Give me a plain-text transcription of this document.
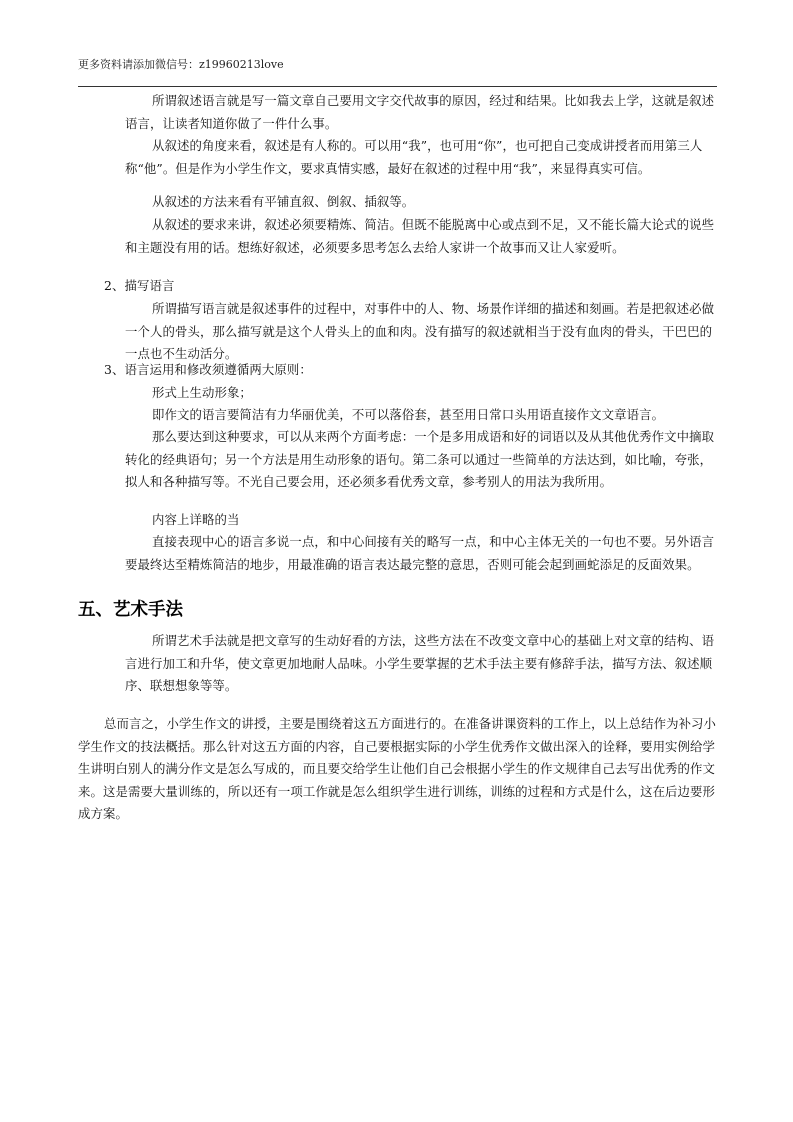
更多资料请添加微信号：z19960213love

所谓叙述语言就是写一篇文章自己要用文字交代故事的原因，经过和结果。比如我去上学，这就是叙述语言，让读者知道你做了一件什么事。

从叙述的角度来看，叙述是有人称的。可以用“我”，也可用“你”，也可把自己变成讲授者而用第三人称“他”。但是作为小学生作文，要求真情实感，最好在叙述的过程中用“我”，来显得真实可信。

从叙述的方法来看有平铺直叙、倒叙、插叙等。

从叙述的要求来讲，叙述必须要精炼、简洁。但既不能脱离中心或点到不足，又不能长篇大论式的说些和主题没有用的话。想练好叙述，必须要多思考怎么去给人家讲一个故事而又让人家爱听。

2、描写语言

所谓描写语言就是叙述事件的过程中，对事件中的人、物、场景作详细的描述和刻画。若是把叙述必做一个人的骨头，那么描写就是这个人骨头上的血和肉。没有描写的叙述就相当于没有血肉的骨头，干巴巴的一点也不生动活分。

3、语言运用和修改须遵循两大原则：

形式上生动形象；

即作文的语言要简洁有力华丽优美，不可以落俗套，甚至用日常口头用语直接作文文章语言。

那么要达到这种要求，可以从来两个方面考虑：一个是多用成语和好的词语以及从其他优秀作文中摘取转化的经典语句；另一个方法是用生动形象的语句。第二条可以通过一些简单的方法达到，如比喻，夸张，拟人和各种描写等。不光自己要会用，还必须多看优秀文章，参考别人的用法为我所用。

内容上详略的当

直接表现中心的语言多说一点，和中心间接有关的略写一点，和中心主体无关的一句也不要。另外语言要最终达至精炼简洁的地步，用最准确的语言表达最完整的意思，否则可能会起到画蛇添足的反面效果。

五、艺术手法

所谓艺术手法就是把文章写的生动好看的方法，这些方法在不改变文章中心的基础上对文章的结构、语言进行加工和升华，使文章更加地耐人品味。小学生要掌握的艺术手法主要有修辞手法，描写方法、叙述顺序、联想想象等等。

总而言之，小学生作文的讲授，主要是围绕着这五方面进行的。在准备讲课资料的工作上，以上总结作为补习小学生作文的技法概括。那么针对这五方面的内容，自己要根据实际的小学生优秀作文做出深入的诠释，要用实例给学生讲明白别人的满分作文是怎么写成的，而且要交给学生让他们自己会根据小学生的作文规律自己去写出优秀的作文来。这是需要大量训练的，所以还有一项工作就是怎么组织学生进行训练，训练的过程和方式是什么，这在后边要形成方案。
